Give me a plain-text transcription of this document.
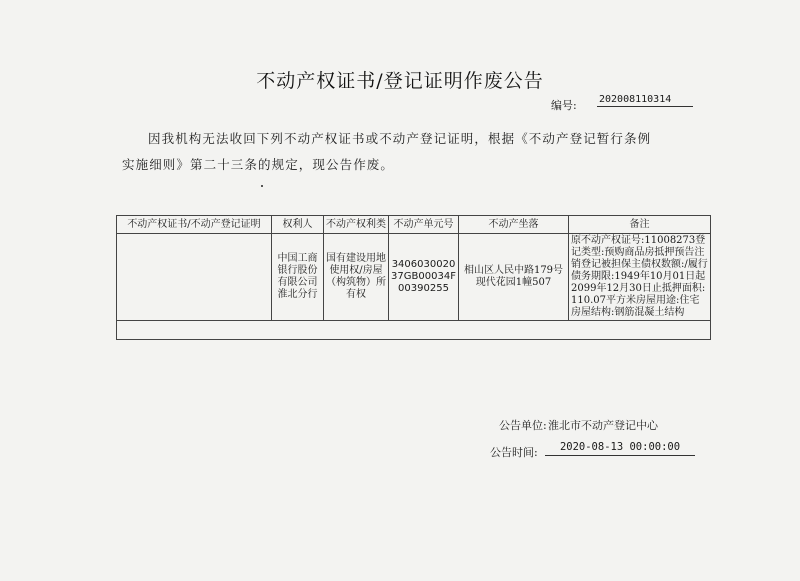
不动产权证书/登记证明作废公告
编号: 202008110314

因我机构无法收回下列不动产权证书或不动产登记证明，根据《不动产登记暂行条例

实施细则》第二十三条的规定，现公告作废。

不动产权证书/不动产登记证明	权利人	不动产权利类	不动产单元号	不动产坐落	备注
	中国工商银行股份有限公司淮北分行	国有建设用地使用权/房屋（构筑物）所有权	340603002037GB00034F00390255	相山区人民中路179号现代花园1幢507	原不动产权证号:11008273登记类型:预购商品房抵押预告注销登记被担保主债权数额:/履行债务期限:1949年10月01日起2099年12月30日止抵押面积: 110.07平方米房屋用途:住宅房屋结构:钢筋混凝土结构

公告单位: 淮北市不动产登记中心
公告时间:	2020-08-13 00:00:00
